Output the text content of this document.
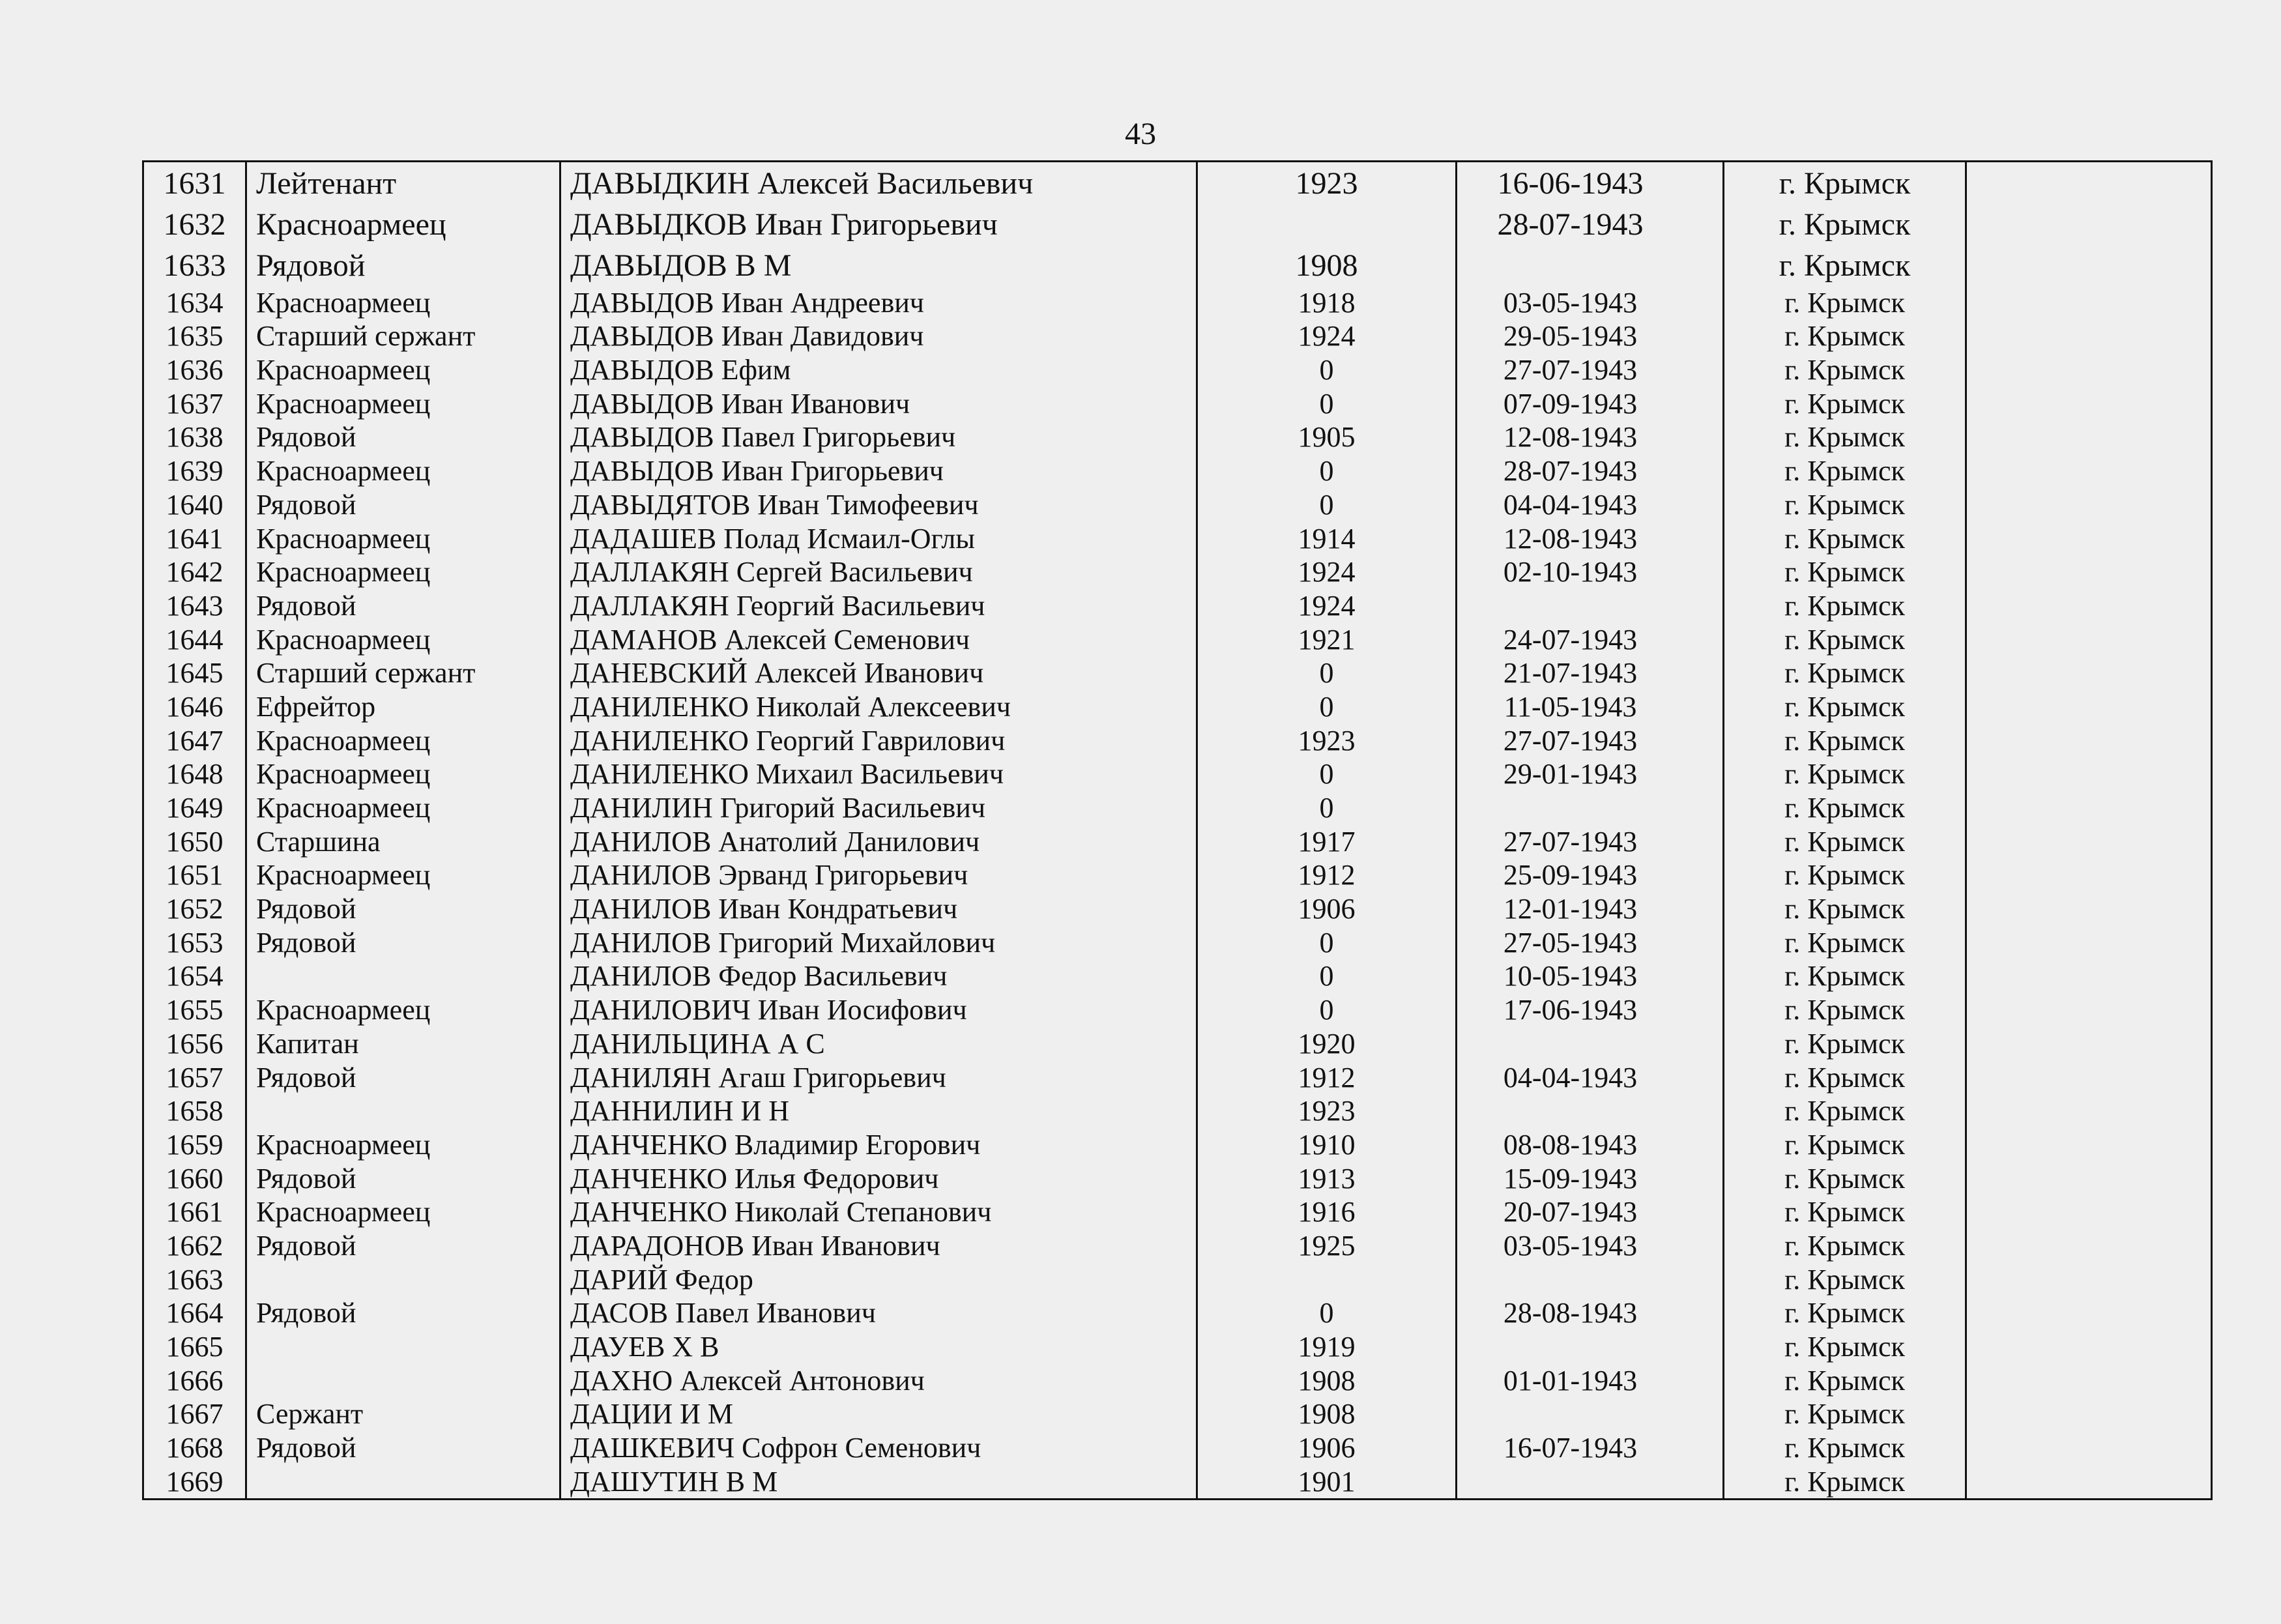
43
1631	Лейтенант	ДАВЫДКИН Алексей Васильевич	1923	16-06-1943	г. Крымск	
1632	Красноармеец	ДАВЫДКОВ Иван Григорьевич		28-07-1943	г. Крымск	
1633	Рядовой	ДАВЫДОВ В М	1908		г. Крымск	
1634	Красноармеец	ДАВЫДОВ Иван Андреевич	1918	03-05-1943	г. Крымск	
1635	Старший сержант	ДАВЫДОВ Иван Давидович	1924	29-05-1943	г. Крымск	
1636	Красноармеец	ДАВЫДОВ Ефим	0	27-07-1943	г. Крымск	
1637	Красноармеец	ДАВЫДОВ Иван Иванович	0	07-09-1943	г. Крымск	
1638	Рядовой	ДАВЫДОВ Павел Григорьевич	1905	12-08-1943	г. Крымск	
1639	Красноармеец	ДАВЫДОВ Иван Григорьевич	0	28-07-1943	г. Крымск	
1640	Рядовой	ДАВЫДЯТОВ Иван Тимофеевич	0	04-04-1943	г. Крымск	
1641	Красноармеец	ДАДАШЕВ Полад Исмаил-Оглы	1914	12-08-1943	г. Крымск	
1642	Красноармеец	ДАЛЛАКЯН Сергей Васильевич	1924	02-10-1943	г. Крымск	
1643	Рядовой	ДАЛЛАКЯН Георгий Васильевич	1924		г. Крымск	
1644	Красноармеец	ДАМАНОВ Алексей Семенович	1921	24-07-1943	г. Крымск	
1645	Старший сержант	ДАНЕВСКИЙ Алексей Иванович	0	21-07-1943	г. Крымск	
1646	Ефрейтор	ДАНИЛЕНКО Николай Алексеевич	0	11-05-1943	г. Крымск	
1647	Красноармеец	ДАНИЛЕНКО Георгий Гаврилович	1923	27-07-1943	г. Крымск	
1648	Красноармеец	ДАНИЛЕНКО Михаил Васильевич	0	29-01-1943	г. Крымск	
1649	Красноармеец	ДАНИЛИН Григорий Васильевич	0		г. Крымск	
1650	Старшина	ДАНИЛОВ Анатолий Данилович	1917	27-07-1943	г. Крымск	
1651	Красноармеец	ДАНИЛОВ Эрванд Григорьевич	1912	25-09-1943	г. Крымск	
1652	Рядовой	ДАНИЛОВ Иван Кондратьевич	1906	12-01-1943	г. Крымск	
1653	Рядовой	ДАНИЛОВ Григорий Михайлович	0	27-05-1943	г. Крымск	
1654		ДАНИЛОВ Федор Васильевич	0	10-05-1943	г. Крымск	
1655	Красноармеец	ДАНИЛОВИЧ Иван Иосифович	0	17-06-1943	г. Крымск	
1656	Капитан	ДАНИЛЬЦИНА А С	1920		г. Крымск	
1657	Рядовой	ДАНИЛЯН Агаш Григорьевич	1912	04-04-1943	г. Крымск	
1658		ДАННИЛИН И Н	1923		г. Крымск	
1659	Красноармеец	ДАНЧЕНКО Владимир Егорович	1910	08-08-1943	г. Крымск	
1660	Рядовой	ДАНЧЕНКО Илья Федорович	1913	15-09-1943	г. Крымск	
1661	Красноармеец	ДАНЧЕНКО Николай Степанович	1916	20-07-1943	г. Крымск	
1662	Рядовой	ДАРАДОНОВ Иван Иванович	1925	03-05-1943	г. Крымск	
1663		ДАРИЙ Федор			г. Крымск	
1664	Рядовой	ДАСОВ Павел Иванович	0	28-08-1943	г. Крымск	
1665		ДАУЕВ Х В	1919		г. Крымск	
1666		ДАХНО Алексей Антонович	1908	01-01-1943	г. Крымск	
1667	Сержант	ДАЦИИ И М	1908		г. Крымск	
1668	Рядовой	ДАШКЕВИЧ Софрон Семенович	1906	16-07-1943	г. Крымск	
1669		ДАШУТИН В М	1901		г. Крымск	
